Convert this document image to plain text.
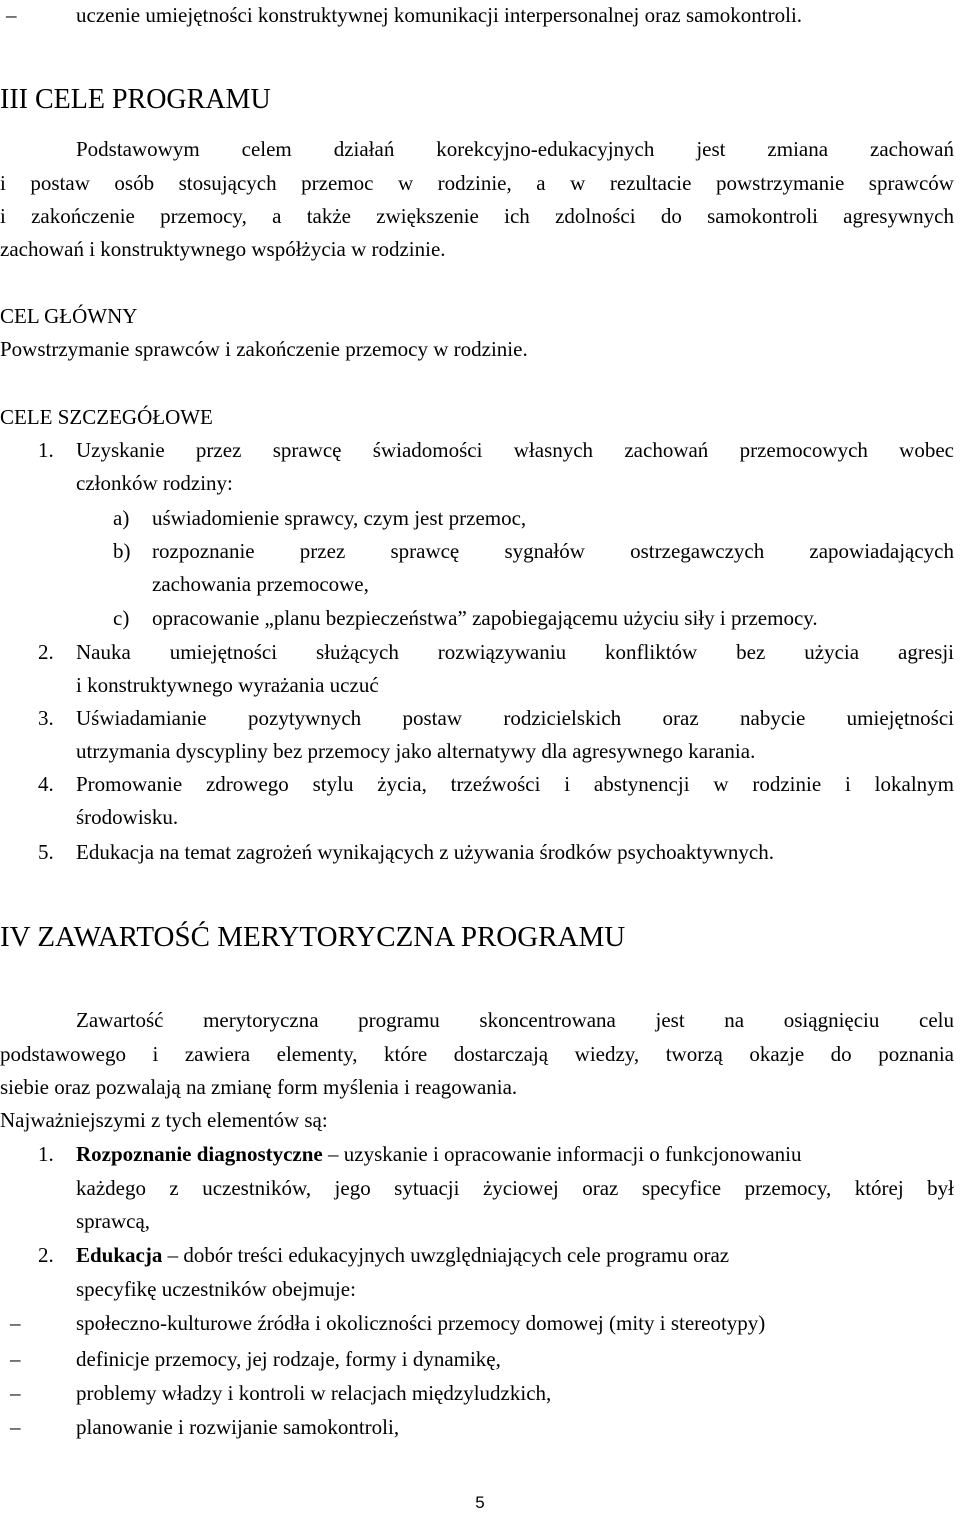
–	uczenie umiejętności konstruktywnej komunikacji interpersonalnej oraz samokontroli.
III CELE PROGRAMU
Podstawowym celem działań korekcyjno-edukacyjnych jest zmiana zachowań
i postaw osób stosujących przemoc w rodzinie, a w rezultacie powstrzymanie sprawców
i zakończenie przemocy, a także zwiększenie ich zdolności do samokontroli agresywnych
zachowań i konstruktywnego współżycia w rodzinie.
CEL GŁÓWNY
Powstrzymanie sprawców i zakończenie przemocy w rodzinie.
CELE SZCZEGÓŁOWE
1. Uzyskanie przez sprawcę świadomości własnych zachowań przemocowych wobec
członków rodziny:
a) uświadomienie sprawcy, czym jest przemoc,
b) rozpoznanie przez sprawcę sygnałów ostrzegawczych zapowiadających
zachowania przemocowe,
c) opracowanie „planu bezpieczeństwa” zapobiegającemu użyciu siły i przemocy.
2. Nauka umiejętności służących rozwiązywaniu konfliktów bez użycia agresji
i konstruktywnego wyrażania uczuć
3. Uświadamianie pozytywnych postaw rodzicielskich oraz nabycie umiejętności
utrzymania dyscypliny bez przemocy jako alternatywy dla agresywnego karania.
4. Promowanie zdrowego stylu życia, trzeźwości i abstynencji w rodzinie i lokalnym
środowisku.
5. Edukacja na temat zagrożeń wynikających z używania środków psychoaktywnych.
IV ZAWARTOŚĆ MERYTORYCZNA PROGRAMU
Zawartość merytoryczna programu skoncentrowana jest na osiągnięciu celu
podstawowego i zawiera elementy, które dostarczają wiedzy, tworzą okazje do poznania
siebie oraz pozwalają na zmianę form myślenia i reagowania.
Najważniejszymi z tych elementów są:
1. Rozpoznanie diagnostyczne – uzyskanie i opracowanie informacji o funkcjonowaniu
każdego z uczestników, jego sytuacji życiowej oraz specyfice przemocy, której był
sprawcą,
2. Edukacja – dobór treści edukacyjnych uwzględniających cele programu oraz
specyfikę uczestników obejmuje:
–	społeczno-kulturowe źródła i okoliczności przemocy domowej (mity i stereotypy)
–	definicje przemocy, jej rodzaje, formy i dynamikę,
–	problemy władzy i kontroli w relacjach międzyludzkich,
–	planowanie i rozwijanie samokontroli,
5
